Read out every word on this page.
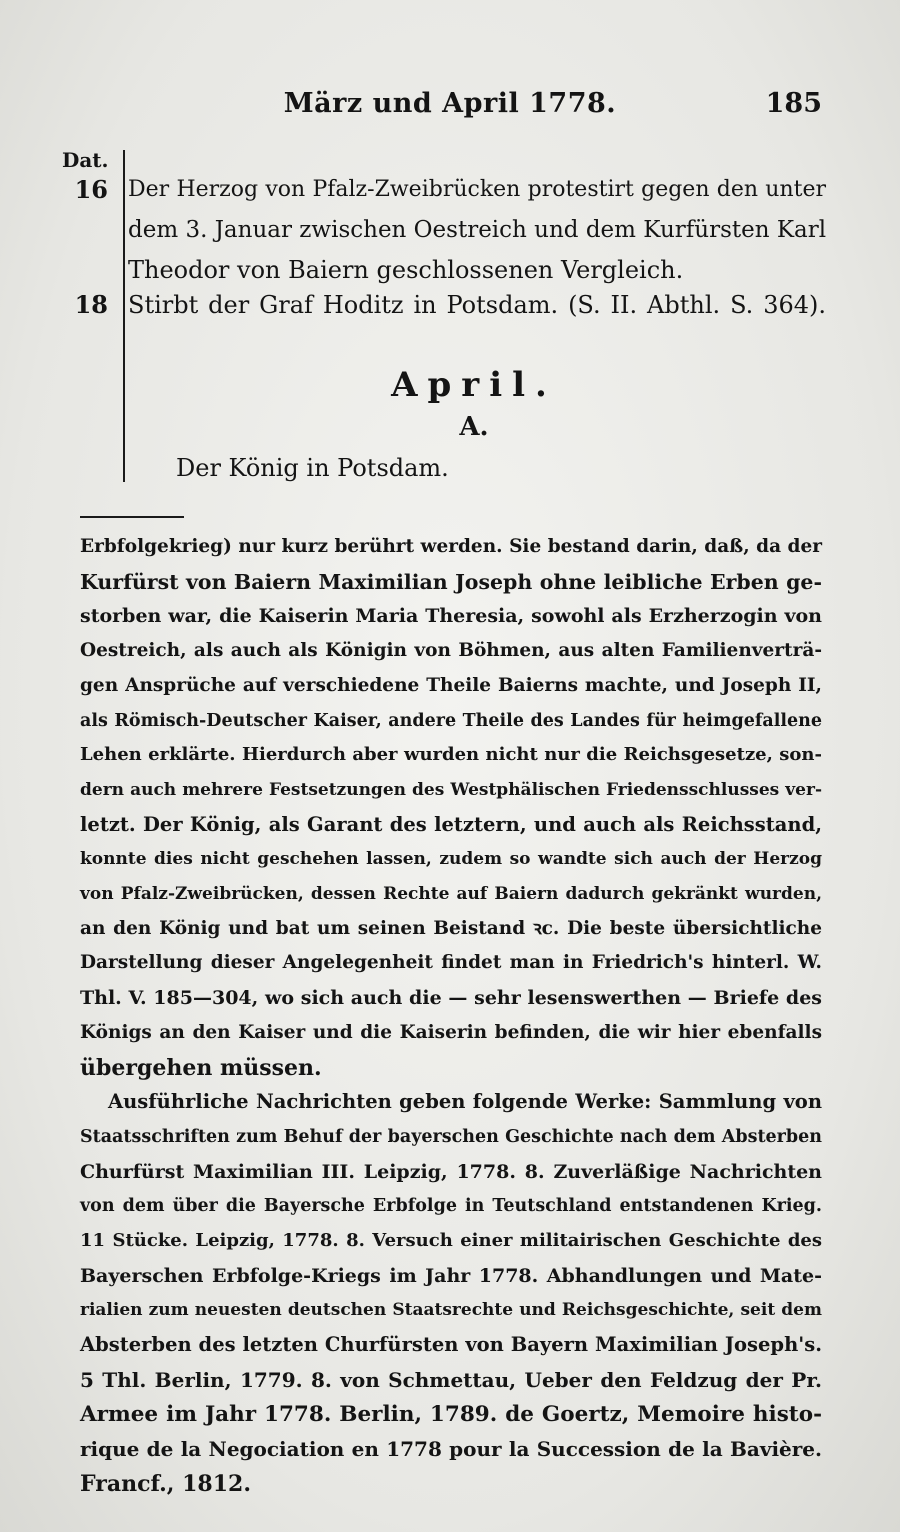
März und April 1778.	185
Dat.
16 Der Herzog von Pfalz-Zweibrücken protestirt gegen den unter
dem 3. Januar zwischen Oestreich und dem Kurfürsten Karl
Theodor von Baiern geschlossenen Vergleich.
18 Stirbt der Graf Hoditz in Potsdam. (S. II. Abthl. S. 364).
April.
A.
Der König in Potsdam.
Erbfolgekrieg) nur kurz berührt werden. Sie bestand darin, daß, da der
Kurfürst von Baiern Maximilian Joseph ohne leibliche Erben ge-
storben war, die Kaiserin Maria Theresia, sowohl als Erzherzogin von
Oestreich, als auch als Königin von Böhmen, aus alten Familienverträ-
gen Ansprüche auf verschiedene Theile Baierns machte, und Joseph II,
als Römisch-Deutscher Kaiser, andere Theile des Landes für heimgefallene
Lehen erklärte. Hierdurch aber wurden nicht nur die Reichsgesetze, son-
dern auch mehrere Festsetzungen des Westphälischen Friedensschlusses ver-
letzt. Der König, als Garant des letztern, und auch als Reichsstand,
konnte dies nicht geschehen lassen, zudem so wandte sich auch der Herzog
von Pfalz-Zweibrücken, dessen Rechte auf Baiern dadurch gekränkt wurden,
an den König und bat um seinen Beistand ꝛc. Die beste übersichtliche
Darstellung dieser Angelegenheit findet man in Friedrich's hinterl. W.
Thl. V. 185—304, wo sich auch die — sehr lesenswerthen — Briefe des
Königs an den Kaiser und die Kaiserin befinden, die wir hier ebenfalls
übergehen müssen.
Ausführliche Nachrichten geben folgende Werke: Sammlung von
Staatsschriften zum Behuf der bayerschen Geschichte nach dem Absterben
Churfürst Maximilian III. Leipzig, 1778. 8. Zuverläßige Nachrichten
von dem über die Bayersche Erbfolge in Teutschland entstandenen Krieg.
11 Stücke. Leipzig, 1778. 8. Versuch einer militairischen Geschichte des
Bayerschen Erbfolge-Kriegs im Jahr 1778. Abhandlungen und Mate-
rialien zum neuesten deutschen Staatsrechte und Reichsgeschichte, seit dem
Absterben des letzten Churfürsten von Bayern Maximilian Joseph's.
5 Thl. Berlin, 1779. 8. von Schmettau, Ueber den Feldzug der Pr.
Armee im Jahr 1778. Berlin, 1789. de Goertz, Memoire histo-
rique de la Negociation en 1778 pour la Succession de la Bavière.
Francf., 1812.
